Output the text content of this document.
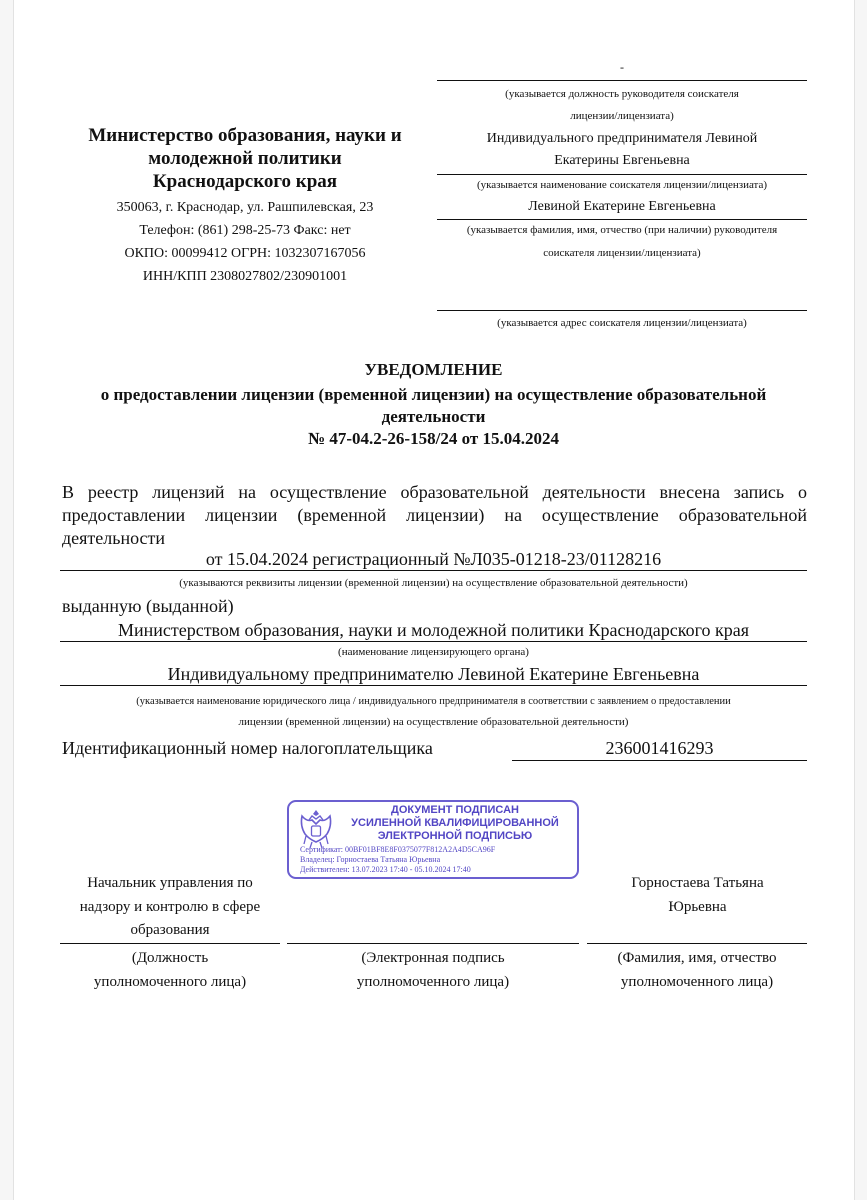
-
(указывается должность руководителя соискателя
лицензии/лицензиата)
Индивидуального предпринимателя Левиной
Екатерины Евгеньевна
(указывается наименование соискателя лицензии/лицензиата)
Левиной Екатерине Евгеньевна
(указывается фамилия, имя, отчество (при наличии) руководителя
соискателя лицензии/лицензиата)
(указывается адрес соискателя лицензии/лицензиата)
Министерство образования, науки и
молодежной политики
Краснодарского края
350063, г. Краснодар, ул. Рашпилевская, 23
Телефон: (861) 298-25-73 Факс: нет
ОКПО: 00099412 ОГРН: 1032307167056
ИНН/КПП 2308027802/230901001
УВЕДОМЛЕНИЕ
о предоставлении лицензии (временной лицензии) на осуществление образовательной
деятельности
№ 47-04.2-26-158/24 от 15.04.2024
В реестр лицензий на осуществление образовательной деятельности внесена запись о
предоставлении лицензии (временной лицензии) на осуществление образовательной
деятельности
от 15.04.2024 регистрационный №Л035-01218-23/01128216
(указываются реквизиты лицензии (временной лицензии) на осуществление образовательной деятельности)
выданную (выданной)
Министерством образования, науки и молодежной политики Краснодарского края
(наименование лицензирующего органа)
Индивидуальному предпринимателю Левиной Екатерине Евгеньевна
(указывается наименование юридического лица / индивидуального предпринимателя в соответствии с заявлением о предоставлении
лицензии (временной лицензии) на осуществление образовательной деятельности)
Идентификационный номер налогоплательщика	236001416293
ДОКУМЕНТ ПОДПИСАН
УСИЛЕННОЙ КВАЛИФИЦИРОВАННОЙ
ЭЛЕКТРОННОЙ ПОДПИСЬЮ
Сертификат: 00BF01BF8E8F0375077F812A2A4D5CA96F
Владелец: Горностаева Татьяна Юрьевна
Действителен: 13.07.2023 17:40 - 05.10.2024 17:40
Начальник управления по
надзору и контролю в сфере
образования
Горностаева Татьяна
Юрьевна
(Должность
уполномоченного лица)
(Электронная подпись
уполномоченного лица)
(Фамилия, имя, отчество
уполномоченного лица)
